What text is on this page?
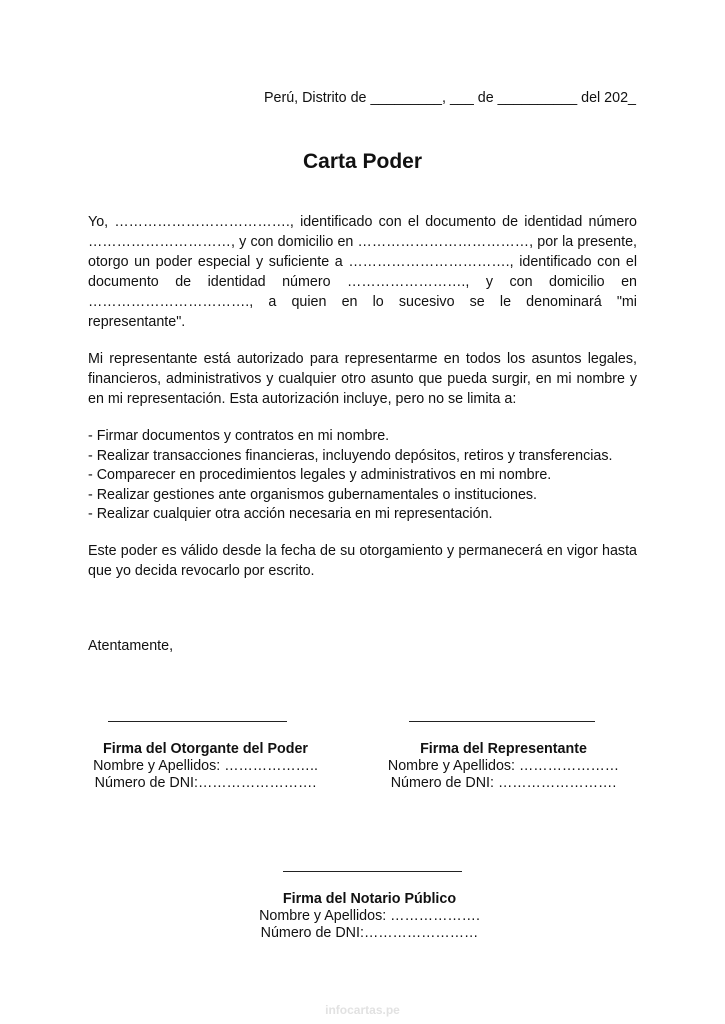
Perú, Distrito de _________, ___ de __________ del 202_
Carta Poder

Yo, ………………………………., identificado con el documento de identidad número …………………………, y con domicilio en ………………………………, por la presente, otorgo un poder especial y suficiente a ……………………………., identificado con el documento de identidad número ……………………., y con domicilio en ……………………………., a quien en lo sucesivo se le denominará "mi representante".

Mi representante está autorizado para representarme en todos los asuntos legales, financieros, administrativos y cualquier otro asunto que pueda surgir, en mi nombre y en mi representación. Esta autorización incluye, pero no se limita a:

- Firmar documentos y contratos en mi nombre.
- Realizar transacciones financieras, incluyendo depósitos, retiros y transferencias.
- Comparecer en procedimientos legales y administrativos en mi nombre.
- Realizar gestiones ante organismos gubernamentales o instituciones.
- Realizar cualquier otra acción necesaria en mi representación.

Este poder es válido desde la fecha de su otorgamiento y permanecerá en vigor hasta que yo decida revocarlo por escrito.

Atentamente,
Firma del Otorgante del Poder
Nombre y Apellidos: ………………..
Número de DNI:…………………….
Firma del Representante
Nombre y Apellidos: …………………
Número de DNI: …………………….
Firma del Notario Público
Nombre y Apellidos: ……………….
Número de DNI:……………………
infocartas.pe
